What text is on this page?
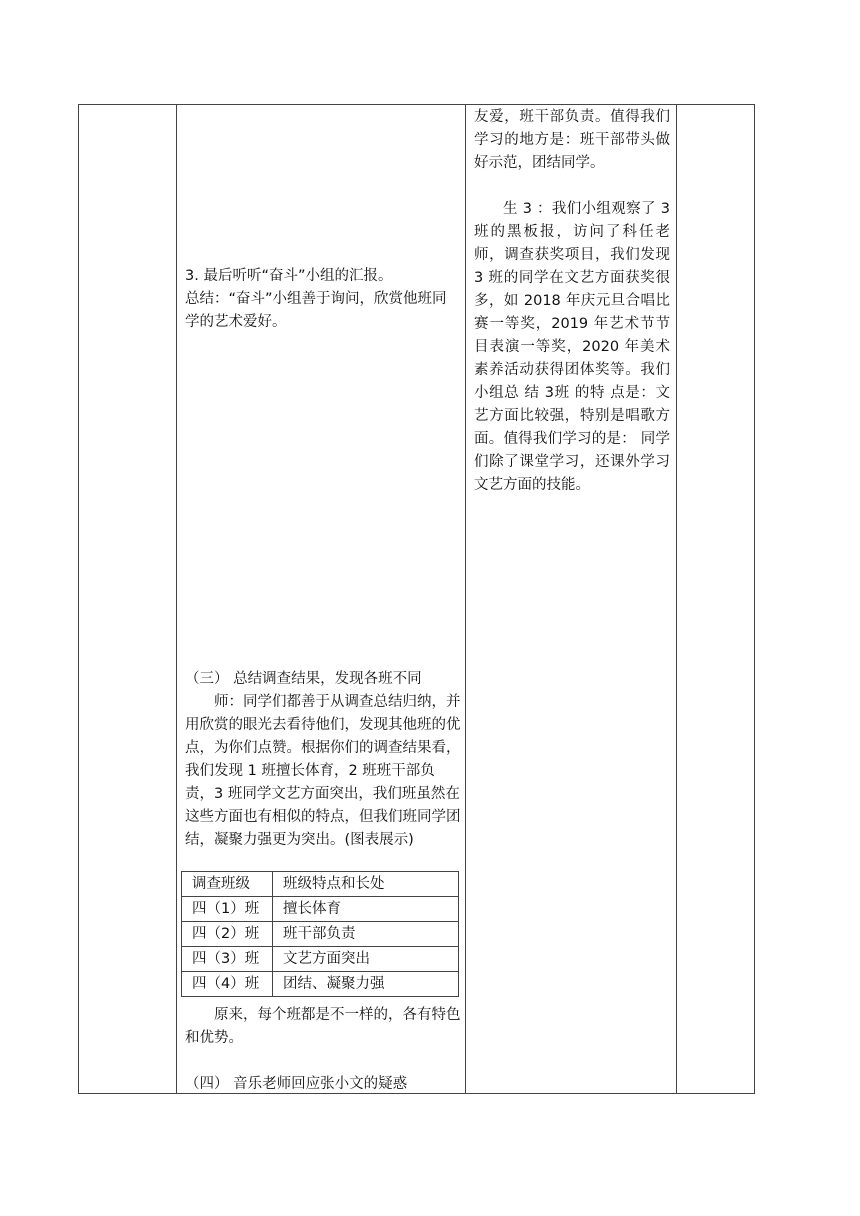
3. 最后听听“奋斗”小组的汇报。

总结：“奋斗”小组善于询问，欣赏他班同学的艺术爱好。

（三） 总结调查结果，发现各班不同

师：同学们都善于从调查总结归纳，并用欣赏的眼光去看待他们，发现其他班的优点，为你们点赞。根据你们的调查结果看，我们发现 1 班擅长体育，2 班班干部负责，3 班同学文艺方面突出，我们班虽然在这些方面也有相似的特点，但我们班同学团结，凝聚力强更为突出。(图表展示)

调查班级	班级特点和长处
四（1）班	擅长体育
四（2）班	班干部负责
四（3）班	文艺方面突出
四（4）班	团结、凝聚力强

原来，每个班都是不一样的，各有特色和优势。

（四） 音乐老师回应张小文的疑惑

友爱，班干部负责。值得我们学习的地方是：班干部带头做好示范，团结同学。

生 3 ：我们小组观察了 3 班的黑板报，访问了科任老师，调查获奖项目，我们发现 3 班的同学在文艺方面获奖很多，如 2018 年庆元旦合唱比赛一等奖，2019 年艺术节节目表演一等奖，2020 年美术素养活动获得团体奖等。我们 小组总 结 3班 的特 点是：文艺方面比较强，特别是唱歌方面。值得我们学习的是： 同学们除了课堂学习，还课外学习文艺方面的技能。
